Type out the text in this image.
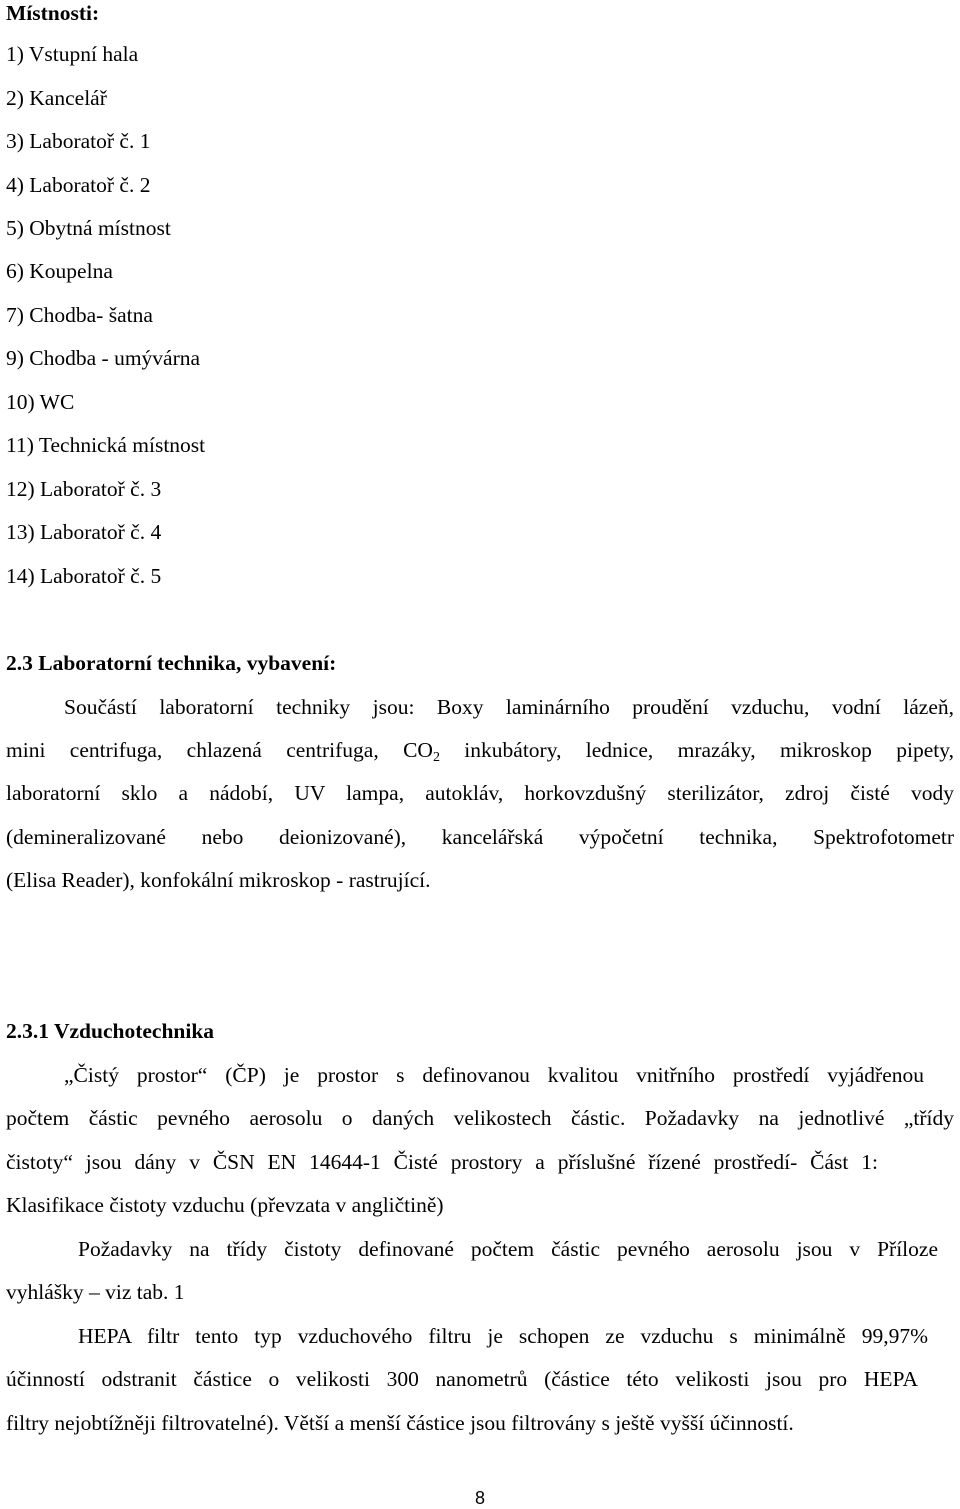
Místnosti:
1) Vstupní hala
2) Kancelář
3) Laboratoř č. 1
4) Laboratoř č. 2
5) Obytná místnost
6) Koupelna
7) Chodba- šatna
9) Chodba - umývárna
10) WC
11) Technická místnost
12) Laboratoř č. 3
13) Laboratoř č. 4
14) Laboratoř č. 5
2.3 Laboratorní technika, vybavení:
Součástí laboratorní techniky jsou: Boxy laminárního proudění vzduchu, vodní lázeň,
mini centrifuga, chlazená centrifuga, $CO_2$ inkubátory, lednice, mrazáky, mikroskop pipety,
laboratorní sklo a nádobí, UV lampa, autokláv, horkovzdušný sterilizátor, zdroj čisté vody
(demineralizované nebo deionizované), kancelářská výpočetní technika, Spektrofotometr
(Elisa Reader), konfokální mikroskop - rastrující.
2.3.1 Vzduchotechnika
„Čistý prostor“ (ČP) je prostor s definovanou kvalitou vnitřního prostředí vyjádřenou
počtem částic pevného aerosolu o daných velikostech částic. Požadavky na jednotlivé „třídy
čistoty“ jsou dány v ČSN EN 14644-1 Čisté prostory a příslušné řízené prostředí- Část 1:
Klasifikace čistoty vzduchu (převzata v angličtině)
Požadavky na třídy čistoty definované počtem částic pevného aerosolu jsou v Příloze
vyhlášky – viz tab. 1
HEPA filtr tento typ vzduchového filtru je schopen ze vzduchu s minimálně 99,97%
účinností odstranit částice o velikosti 300 nanometrů (částice této velikosti jsou pro HEPA
filtry nejobtížněji filtrovatelné). Větší a menší částice jsou filtrovány s ještě vyšší účinností.
8
